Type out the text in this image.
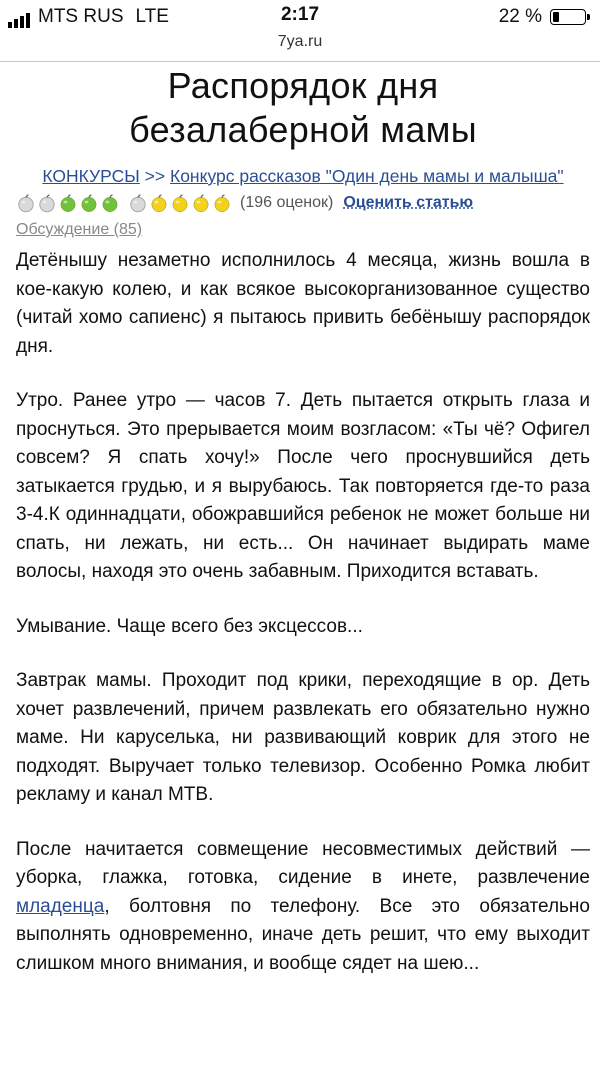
MTS RUS LTE	2:17	22 %
7ya.ru
Распорядок дня
безалаберной мамы
КОНКУРСЫ >> Конкурс рассказов "Один день мамы и малыша"
(196 оценок) Оценить статью
Обсуждение (85)

Детёнышу незаметно исполнилось 4 месяца, жизнь вошла в кое-какую колею, и как всякое высокорганизованное существо (читай хомо сапиенс) я пытаюсь привить бебёнышу распорядок дня.

Утро. Ранее утро — часов 7. Деть пытается открыть глаза и проснуться. Это прерывается моим возгласом: «Ты чё? Офигел совсем? Я спать хочу!» После чего проснувшийся деть затыкается грудью, и я вырубаюсь. Так повторяется где-то раза 3-4.К одиннадцати, обожравшийся ребенок не может больше ни спать, ни лежать, ни есть... Он начинает выдирать маме волосы, находя это очень забавным. Приходится вставать.

Умывание. Чаще всего без эксцессов...

Завтрак мамы. Проходит под крики, переходящие в ор. Деть хочет развлечений, причем развлекать его обязательно нужно маме. Ни каруселька, ни развивающий коврик для этого не подходят. Выручает только телевизор. Особенно Ромка любит рекламу и канал МТВ.

После начитается совмещение несовместимых действий — уборка, глажка, готовка, сидение в инете, развлечение младенца, болтовня по телефону. Все это обязательно выполнять одновременно, иначе деть решит, что ему выходит слишком много внимания, и вообще сядет на шею...
